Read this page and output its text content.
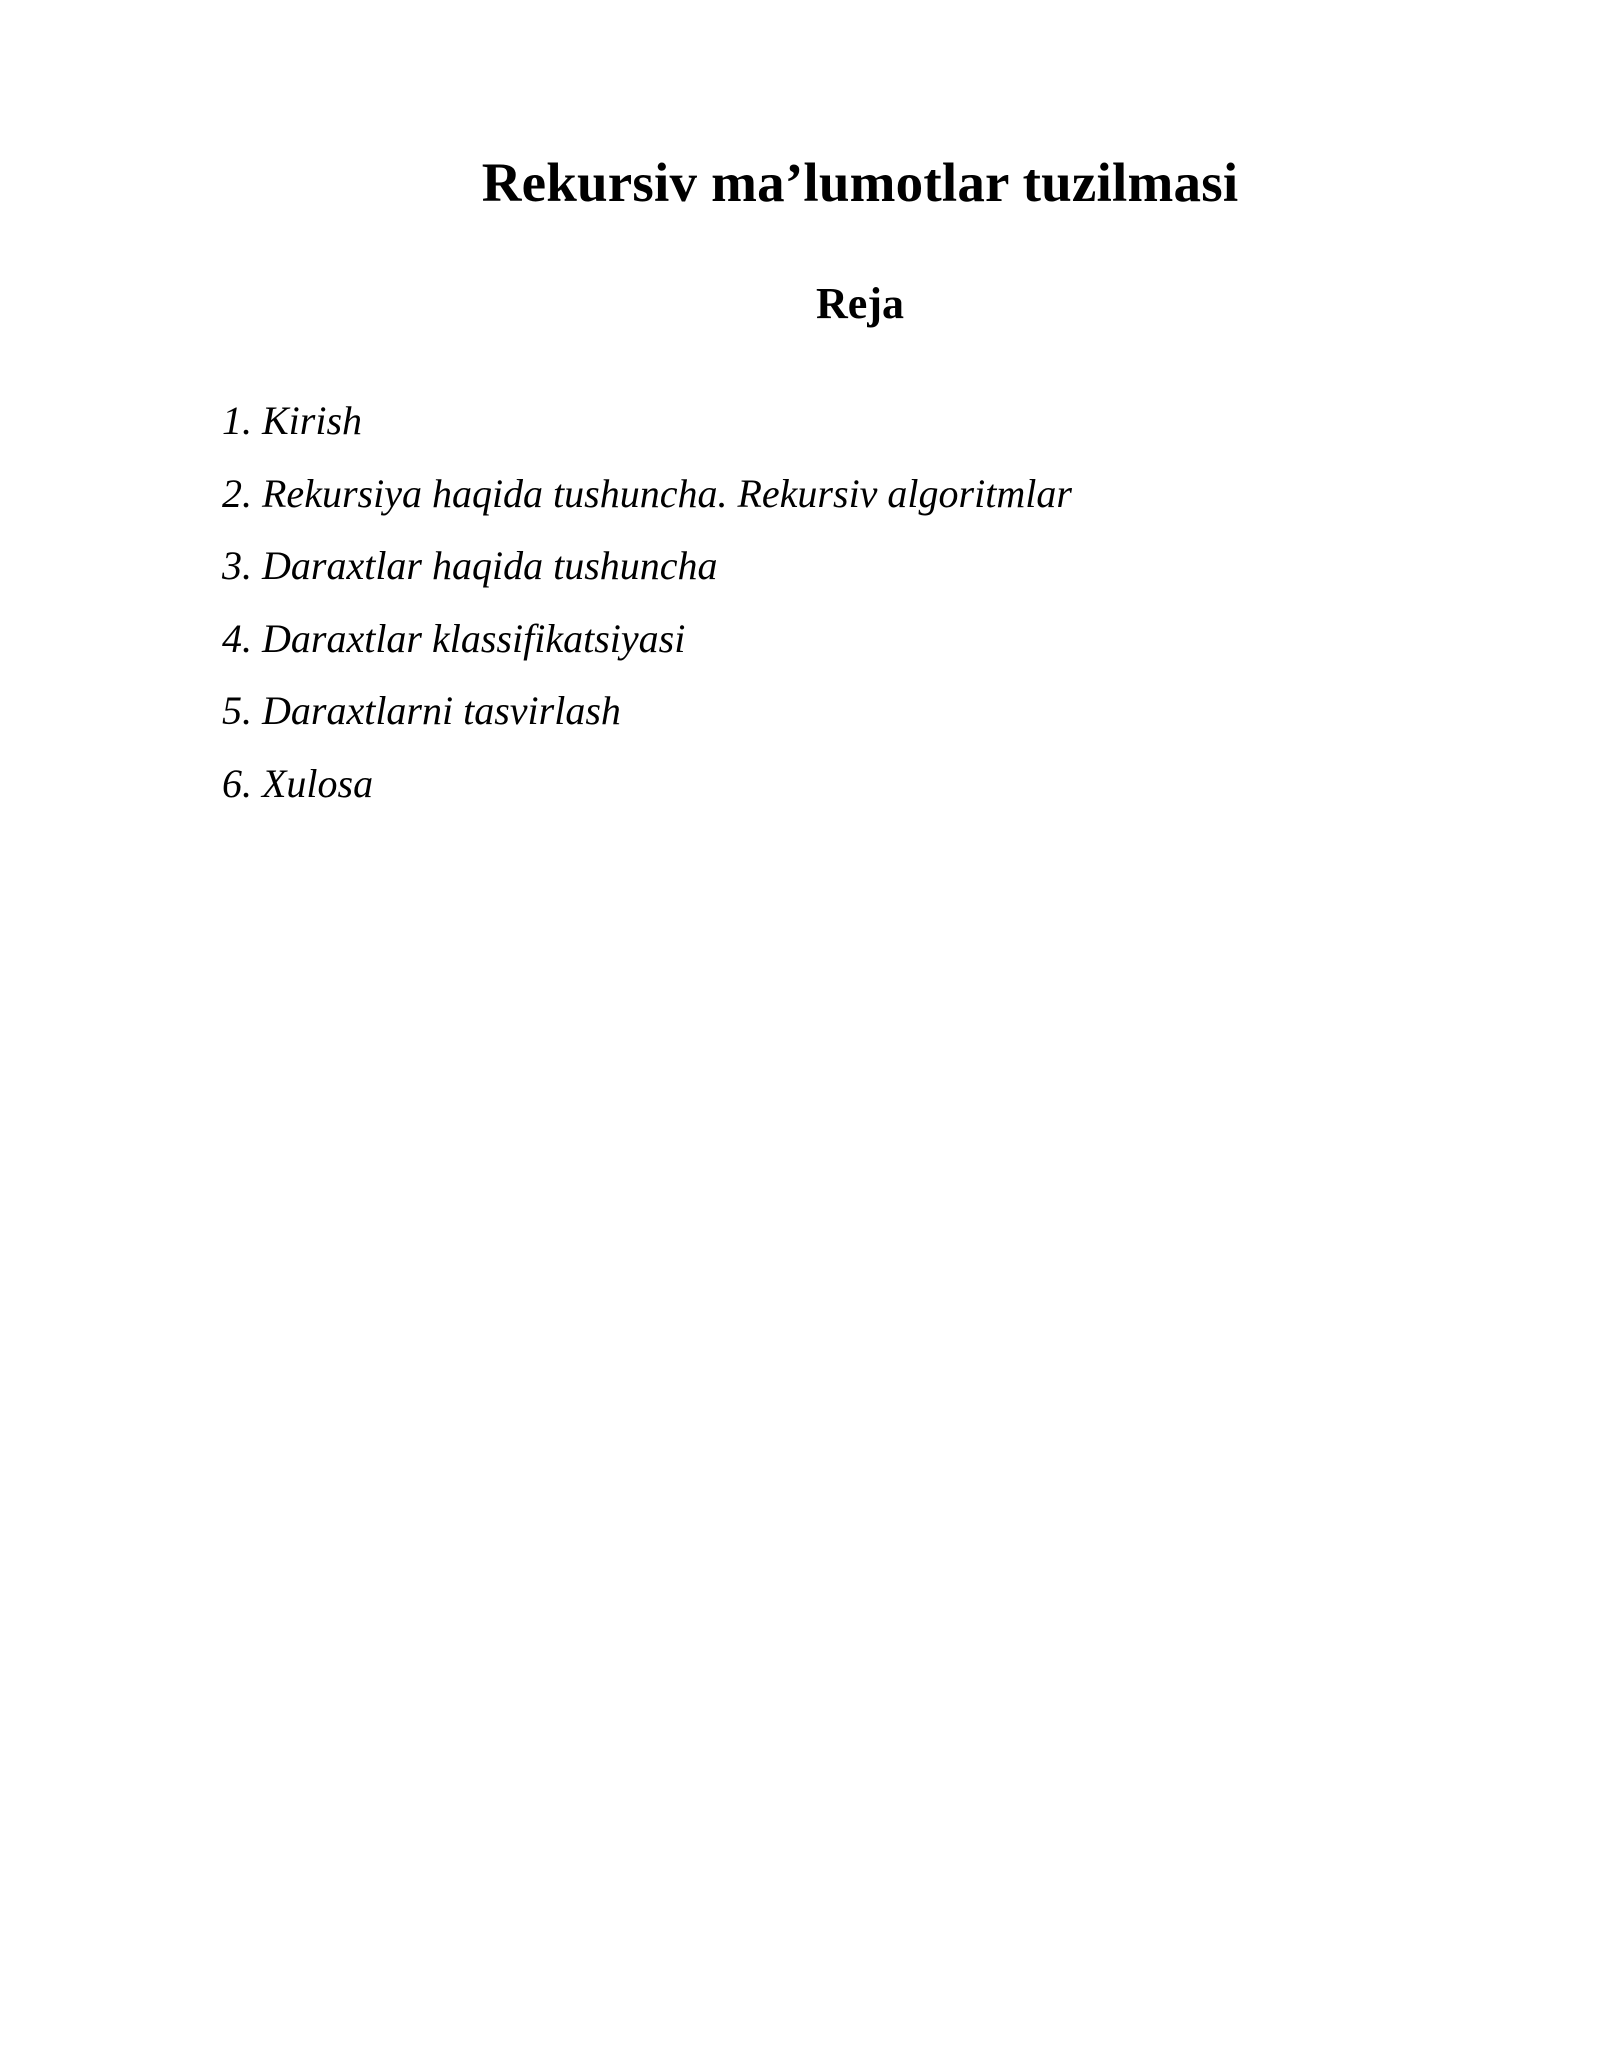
Rekursiv ma’lumotlar tuzilmasi
Reja
1. Kirish
2. Rekursiya haqida tushuncha. Rekursiv algoritmlar
3. Daraxtlar haqida tushuncha
4. Daraxtlar klassifikatsiyasi
5. Daraxtlarni tasvirlash
6. Xulosa
